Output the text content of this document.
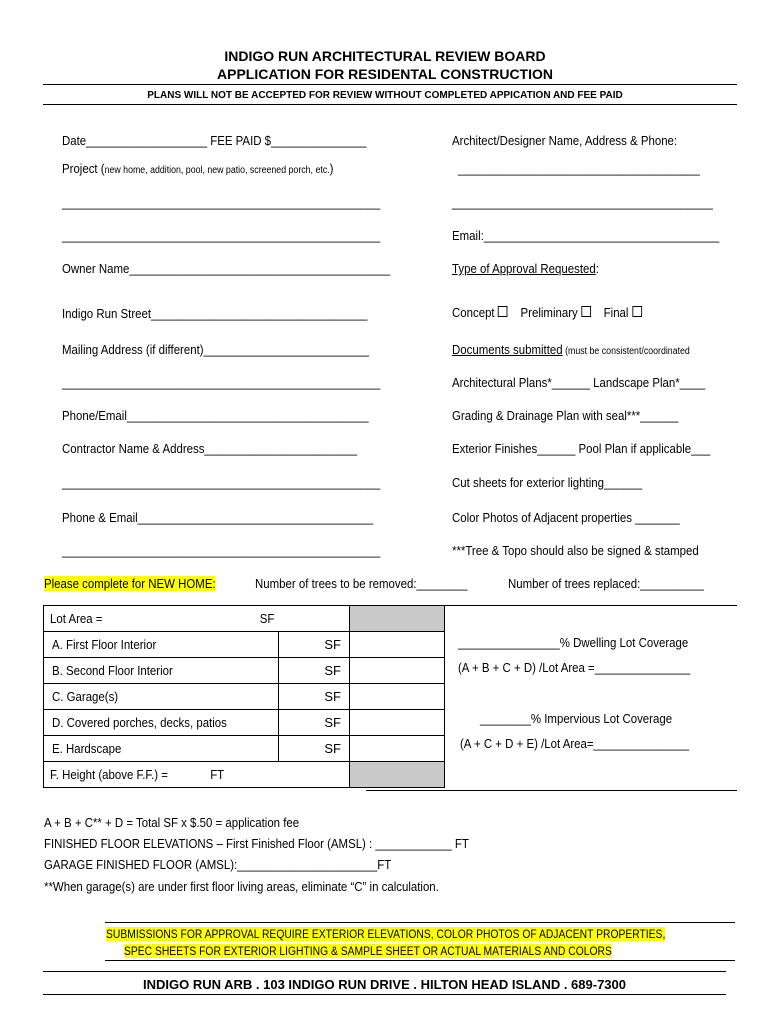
INDIGO RUN ARCHITECTURAL REVIEW BOARD
APPLICATION FOR RESIDENTAL CONSTRUCTION
PLANS WILL NOT BE ACCEPTED FOR REVIEW WITHOUT COMPLETED APPICATION AND FEE PAID
Date___________________ FEE PAID $_______________
Project (new home, addition, pool, new patio, screened porch, etc.)
__________________________________________________
__________________________________________________
Owner Name_________________________________________
Indigo Run Street__________________________________
Mailing Address (if different)__________________________
__________________________________________________
Phone/Email______________________________________
Contractor Name & Address________________________
__________________________________________________
Phone & Email_____________________________________
__________________________________________________
Architect/Designer Name, Address & Phone:
______________________________________
_________________________________________
Email:_____________________________________
Type of Approval Requested:
Concept Preliminary Final
Documents submitted (must be consistent/coordinated
Architectural Plans*______ Landscape Plan*____
Grading & Drainage Plan with seal***______
Exterior Finishes______ Pool Plan if applicable___
Cut sheets for exterior lighting______
Color Photos of Adjacent properties _______
***Tree & Topo should also be signed & stamped
Please complete for NEW HOME:	Number of trees to be removed:________	Number of trees replaced:__________
Lot Area = SF		

A. First Floor Interior	SF	
B. Second Floor Interior	SF	
C. Garage(s)	SF	
D. Covered porches, decks, patios	SF	
E. Hardscape	SF	

F. Height (above F.F.) = FT		

________________% Dwelling Lot Coverage
(A + B + C + D) /Lot Area =_______________
________% Impervious Lot Coverage
(A + C + D + E) /Lot Area=_______________
A + B + C** + D = Total SF x $.50 = application fee
FINISHED FLOOR ELEVATIONS – First Finished Floor (AMSL) : ____________ FT
GARAGE FINISHED FLOOR (AMSL):______________________FT
**When garage(s) are under first floor living areas, eliminate “C” in calculation.
SUBMISSIONS FOR APPROVAL REQUIRE EXTERIOR ELEVATIONS, COLOR PHOTOS OF ADJACENT PROPERTIES,
SPEC SHEETS FOR EXTERIOR LIGHTING & SAMPLE SHEET OR ACTUAL MATERIALS AND COLORS
INDIGO RUN ARB . 103 INDIGO RUN DRIVE . HILTON HEAD ISLAND . 689-7300
